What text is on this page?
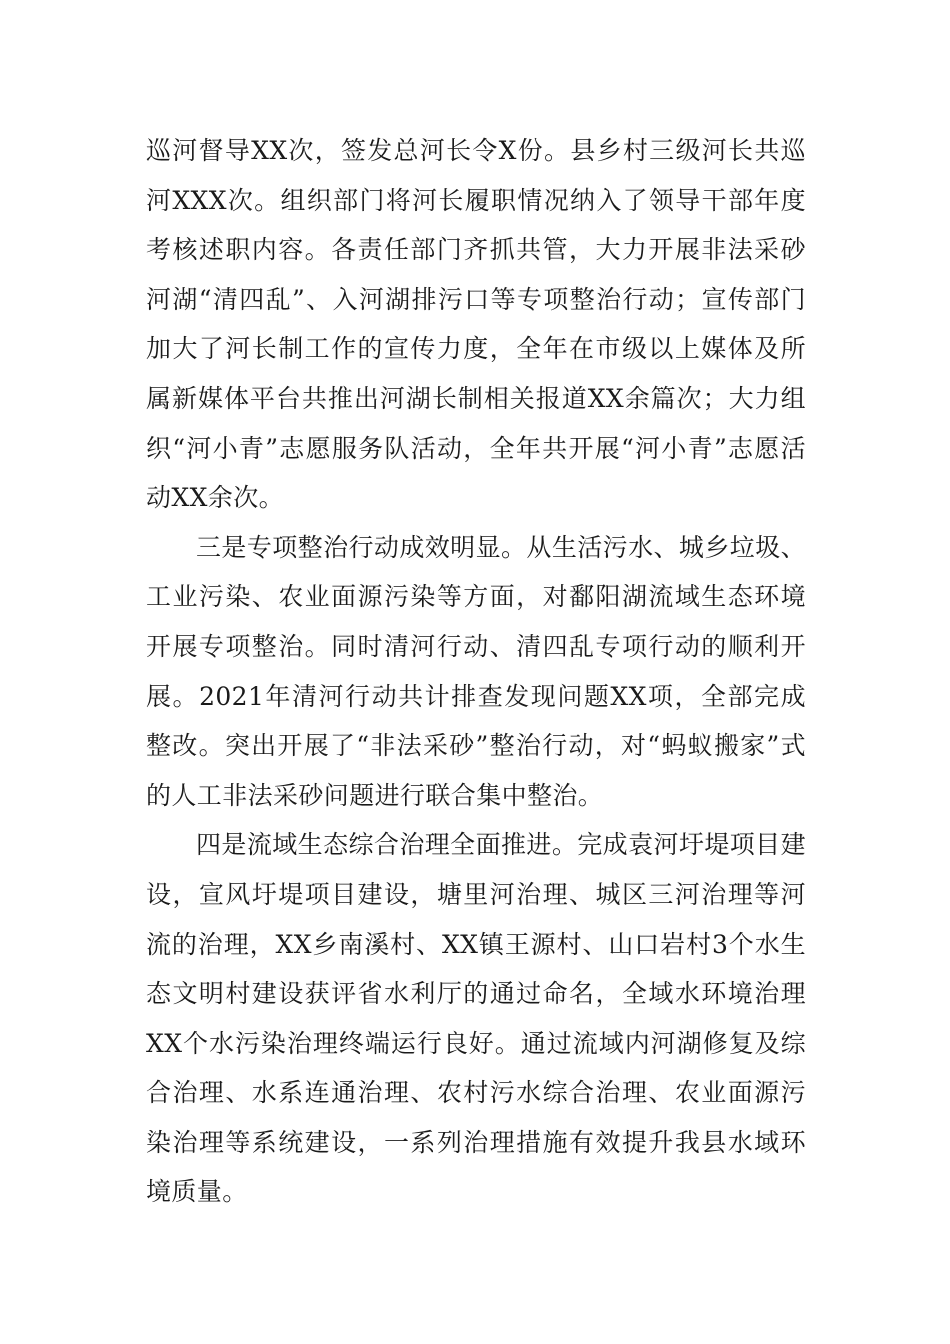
巡河督导XX次，签发总河长令X份。县乡村三级河长共巡河XXX次。组织部门将河长履职情况纳入了领导干部年度考核述职内容。各责任部门齐抓共管，大力开展非法采砂河湖“清四乱”、入河湖排污口等专项整治行动；宣传部门加大了河长制工作的宣传力度，全年在市级以上媒体及所属新媒体平台共推出河湖长制相关报道XX余篇次；大力组织“河小青”志愿服务队活动，全年共开展“河小青”志愿活动XX余次。

三是专项整治行动成效明显。从生活污水、城乡垃圾、工业污染、农业面源污染等方面，对鄱阳湖流域生态环境开展专项整治。同时清河行动、清四乱专项行动的顺利开展。2021年清河行动共计排查发现问题XX项，全部完成整改。突出开展了“非法采砂”整治行动，对“蚂蚁搬家”式的人工非法采砂问题进行联合集中整治。

四是流域生态综合治理全面推进。完成袁河圩堤项目建设，宣风圩堤项目建设，塘里河治理、城区三河治理等河流的治理，XX乡南溪村、XX镇王源村、山口岩村3个水生态文明村建设获评省水利厅的通过命名，全域水环境治理XX个水污染治理终端运行良好。通过流域内河湖修复及综合治理、水系连通治理、农村污水综合治理、农业面源污染治理等系统建设，一系列治理措施有效提升我县水域环境质量。
